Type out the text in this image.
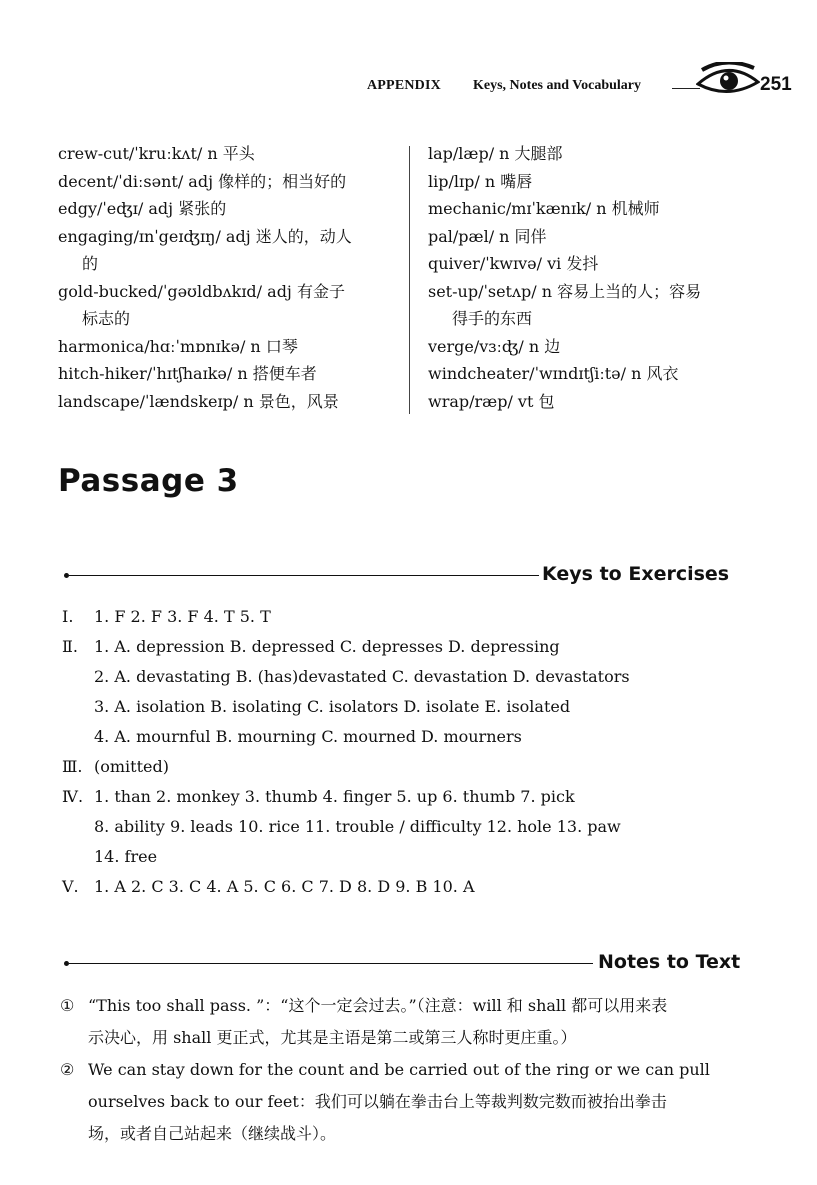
APPENDIX Keys, Notes and Vocabulary	251
crew-cut/ˈkruːkʌt/ n 平头
decent/ˈdiːsənt/ adj 像样的；相当好的
edgy/ˈeʤɪ/ adj 紧张的
engaging/ɪnˈgeɪʤɪŋ/ adj 迷人的，动人
的
gold-bucked/ˈgəʊldbʌkɪd/ adj 有金子
标志的
harmonica/hɑːˈmɒnɪkə/ n 口琴
hitch-hiker/ˈhɪtʃhaɪkə/ n 搭便车者
landscape/ˈlændskeɪp/ n 景色，风景
lap/læp/ n 大腿部
lip/lɪp/ n 嘴唇
mechanic/mɪˈkænɪk/ n 机械师
pal/pæl/ n 同伴
quiver/ˈkwɪvə/ vi 发抖
set-up/ˈsetʌp/ n 容易上当的人；容易
得手的东西
verge/vɜːʤ/ n 边
windcheater/ˈwɪndɪtʃiːtə/ n 风衣
wrap/ræp/ vt 包
Passage 3
Keys to Exercises
Ⅰ. 1. F 2. F 3. F 4. T 5. T
Ⅱ. 1. A. depression B. depressed C. depresses D. depressing
2. A. devastating B. (has)devastated C. devastation D. devastators
3. A. isolation B. isolating C. isolators D. isolate E. isolated
4. A. mournful B. mourning C. mourned D. mourners
Ⅲ. (omitted)
Ⅳ. 1. than 2. monkey 3. thumb 4. finger 5. up 6. thumb 7. pick
8. ability 9. leads 10. rice 11. trouble / difficulty 12. hole 13. paw
14. free
Ⅴ. 1. A 2. C 3. C 4. A 5. C 6. C 7. D 8. D 9. B 10. A
Notes to Text
① “This too shall pass. ”：“这个一定会过去。”（注意：will 和 shall 都可以用来表
示决心，用 shall 更正式，尤其是主语是第二或第三人称时更庄重。）
② We can stay down for the count and be carried out of the ring or we can pull
ourselves back to our feet：我们可以躺在拳击台上等裁判数完数而被抬出拳击
场，或者自己站起来（继续战斗）。
